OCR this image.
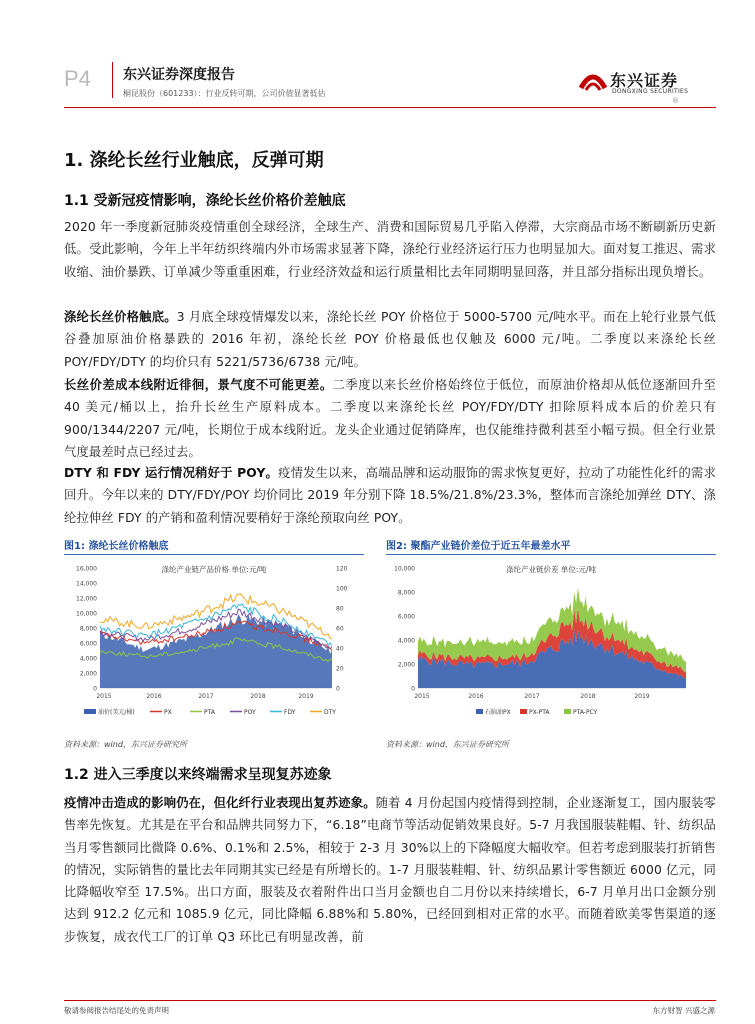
P4 东兴证券深度报告
桐昆股份（601233）：行业反转可期，公司价值显著低估
东兴证券
DONGXING SECURITIES
®
1. 涤纶长丝行业触底，反弹可期
1.1 受新冠疫情影响，涤纶长丝价格价差触底
2020 年一季度新冠肺炎疫情重创全球经济，全球生产、消费和国际贸易几乎陷入停滞，大宗商品市场不断刷新历史新低。受此影响，今年上半年纺织终端内外市场需求显著下降，涤纶行业经济运行压力也明显加大。面对复工推迟、需求收缩、油价暴跌、订单减少等重重困难，行业经济效益和运行质量相比去年同期明显回落，并且部分指标出现负增长。
涤纶长丝价格触底。3 月底全球疫情爆发以来，涤纶长丝 POY 价格位于 5000-5700 元/吨水平。而在上轮行业景气低谷叠加原油价格暴跌的 2016 年初，涤纶长丝 POY 价格最低也仅触及 6000 元/吨。二季度以来涤纶长丝 POY/FDY/DTY 的均价只有 5221/5736/6738 元/吨。
长丝价差成本线附近徘徊，景气度不可能更差。二季度以来长丝价格始终位于低位，而原油价格却从低位逐渐回升至 40 美元/桶以上，抬升长丝生产原料成本。二季度以来涤纶长丝 POY/FDY/DTY 扣除原料成本后的价差只有 900/1344/2207 元/吨，长期位于成本线附近。龙头企业通过促销降库，也仅能维持微利甚至小幅亏损。但全行业景气度最差时点已经过去。
DTY 和 FDY 运行情况稍好于 POY。疫情发生以来，高端品牌和运动服饰的需求恢复更好，拉动了功能性化纤的需求回升。今年以来的 DTY/FDY/POY 均价同比 2019 年分别下降 18.5%/21.8%/23.3%，整体而言涤纶加弹丝 DTY、涤纶拉伸丝 FDY 的产销和盈利情况要稍好于涤纶预取向丝 POY。
图1: 涤纶长丝价格触底
涤纶产业链产品价格 单位:元/吨
0
2,000
4,000
6,000
8,000
10,000
12,000
14,000
16,000
0
20
40
60
80
100
120
2015	2016	2017	2018	2019
油价(美元/桶)	PX	PTA	POY	FDY	DTY
资料来源：wind，东兴证券研究所
图2: 聚酯产业链价差位于近五年最差水平
涤纶产业链价差 单位:元/吨
0
2,000
4,000
6,000
8,000
10,000
2015	2016	2017	2018	2019
石脑油PX	PX-PTA	PTA-PCY
资料来源：wind，东兴证券研究所
1.2 进入三季度以来终端需求呈现复苏迹象
疫情冲击造成的影响仍在，但化纤行业表现出复苏迹象。随着 4 月份起国内疫情得到控制，企业逐渐复工，国内服装零售率先恢复。尤其是在平台和品牌共同努力下，“6.18”电商节等活动促销效果良好。5-7 月我国服装鞋帽、针、纺织品当月零售额同比微降 0.6%、0.1%和 2.5%，相较于 2-3 月 30%以上的下降幅度大幅收窄。但若考虑到服装打折销售的情况，实际销售的量比去年同期其实已经是有所增长的。1-7 月服装鞋帽、针、纺织品累计零售额近 6000 亿元，同比降幅收窄至 17.5%。出口方面，服装及衣着附件出口当月金额也自二月份以来持续增长，6-7 月单月出口金额分别达到 912.2 亿元和 1085.9 亿元，同比降幅 6.88%和 5.80%，已经回到相对正常的水平。而随着欧美零售渠道的逐步恢复，成衣代工厂的订单 Q3 环比已有明显改善，前
敬请参阅报告结尾处的免责声明	东方财智 兴盛之源
